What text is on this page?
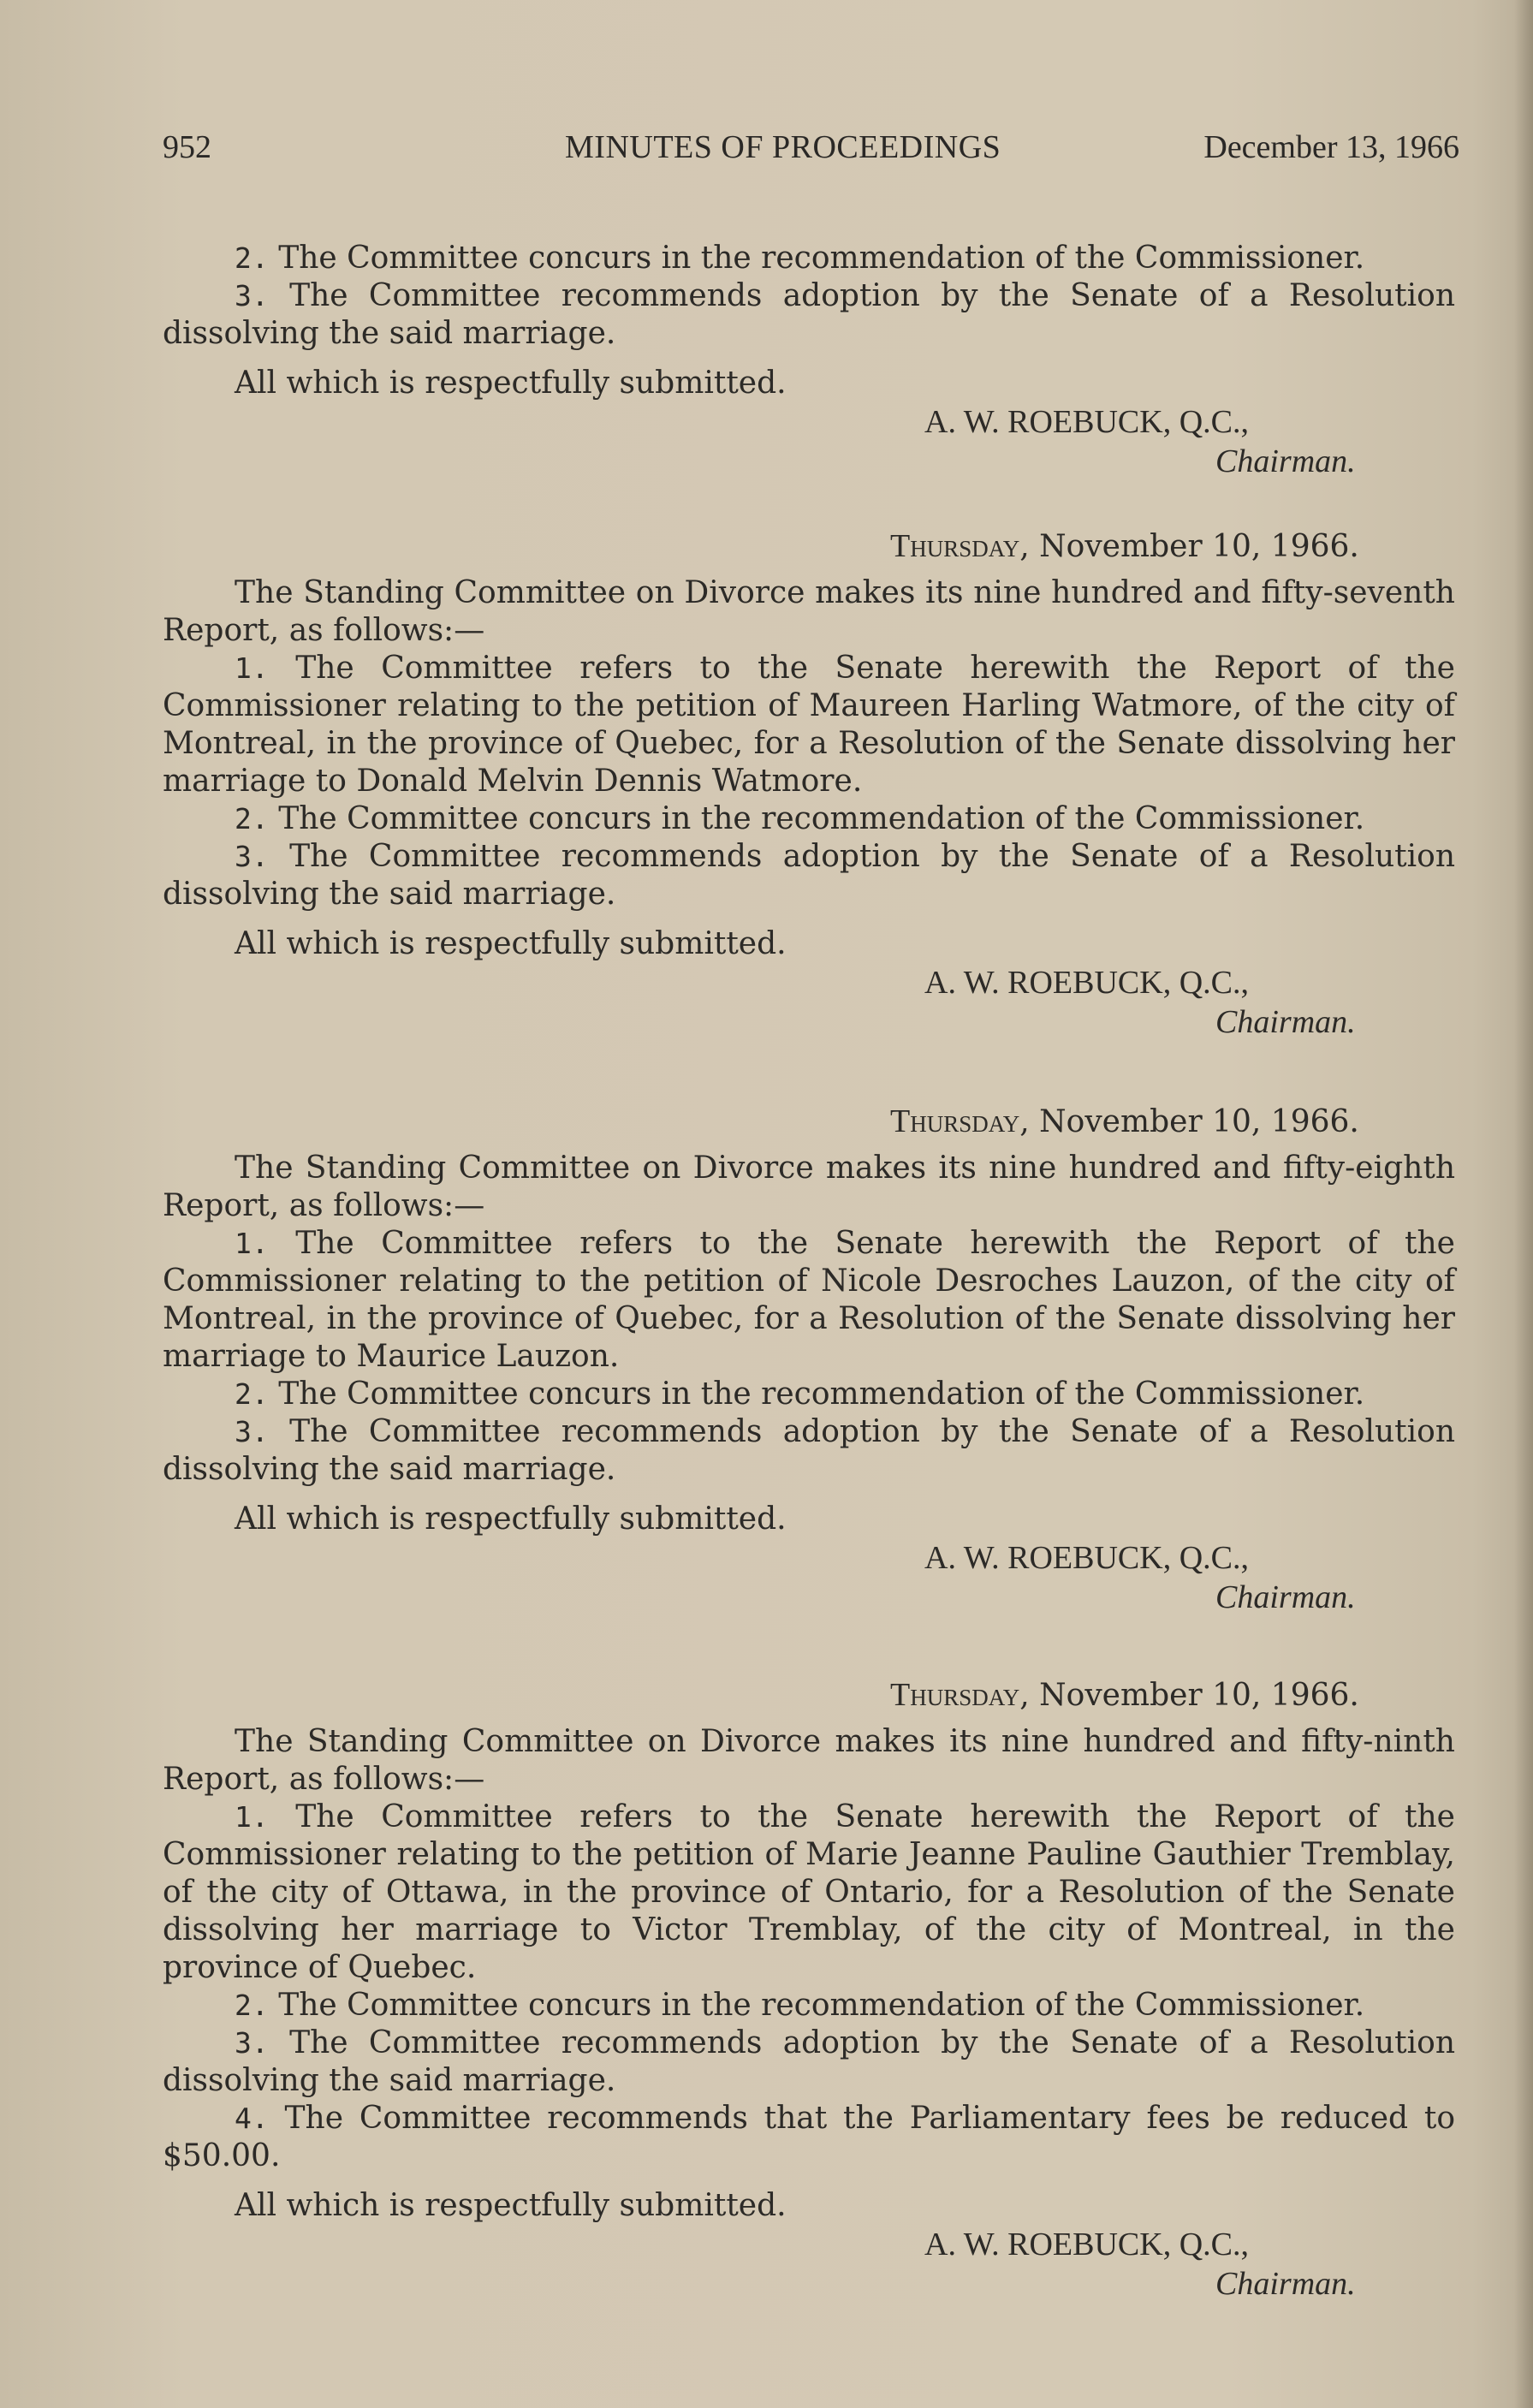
952	MINUTES OF PROCEEDINGS	December 13, 1966

2. The Committee concurs in the recommendation of the Commissioner.

3. The Committee recommends adoption by the Senate of a Resolution dissolving the said marriage.

All which is respectfully submitted.

A. W. ROEBUCK, Q.C.,

Chairman.

Thursday, November 10, 1966.

The Standing Committee on Divorce makes its nine hundred and fifty-seventh Report, as follows:—

1. The Committee refers to the Senate herewith the Report of the Commissioner relating to the petition of Maureen Harling Watmore, of the city of Montreal, in the province of Quebec, for a Resolution of the Senate dissolving her marriage to Donald Melvin Dennis Watmore.

2. The Committee concurs in the recommendation of the Commissioner.

3. The Committee recommends adoption by the Senate of a Resolution dissolving the said marriage.

All which is respectfully submitted.

A. W. ROEBUCK, Q.C.,

Chairman.

Thursday, November 10, 1966.

The Standing Committee on Divorce makes its nine hundred and fifty-eighth Report, as follows:—

1. The Committee refers to the Senate herewith the Report of the Commissioner relating to the petition of Nicole Desroches Lauzon, of the city of Montreal, in the province of Quebec, for a Resolution of the Senate dissolving her marriage to Maurice Lauzon.

2. The Committee concurs in the recommendation of the Commissioner.

3. The Committee recommends adoption by the Senate of a Resolution dissolving the said marriage.

All which is respectfully submitted.

A. W. ROEBUCK, Q.C.,

Chairman.

Thursday, November 10, 1966.

The Standing Committee on Divorce makes its nine hundred and fifty-ninth Report, as follows:—

1. The Committee refers to the Senate herewith the Report of the Commissioner relating to the petition of Marie Jeanne Pauline Gauthier Tremblay, of the city of Ottawa, in the province of Ontario, for a Resolution of the Senate dissolving her marriage to Victor Tremblay, of the city of Montreal, in the province of Quebec.

2. The Committee concurs in the recommendation of the Commissioner.

3. The Committee recommends adoption by the Senate of a Resolution dissolving the said marriage.

4. The Committee recommends that the Parliamentary fees be reduced to $50.00.

All which is respectfully submitted.

A. W. ROEBUCK, Q.C.,

Chairman.
